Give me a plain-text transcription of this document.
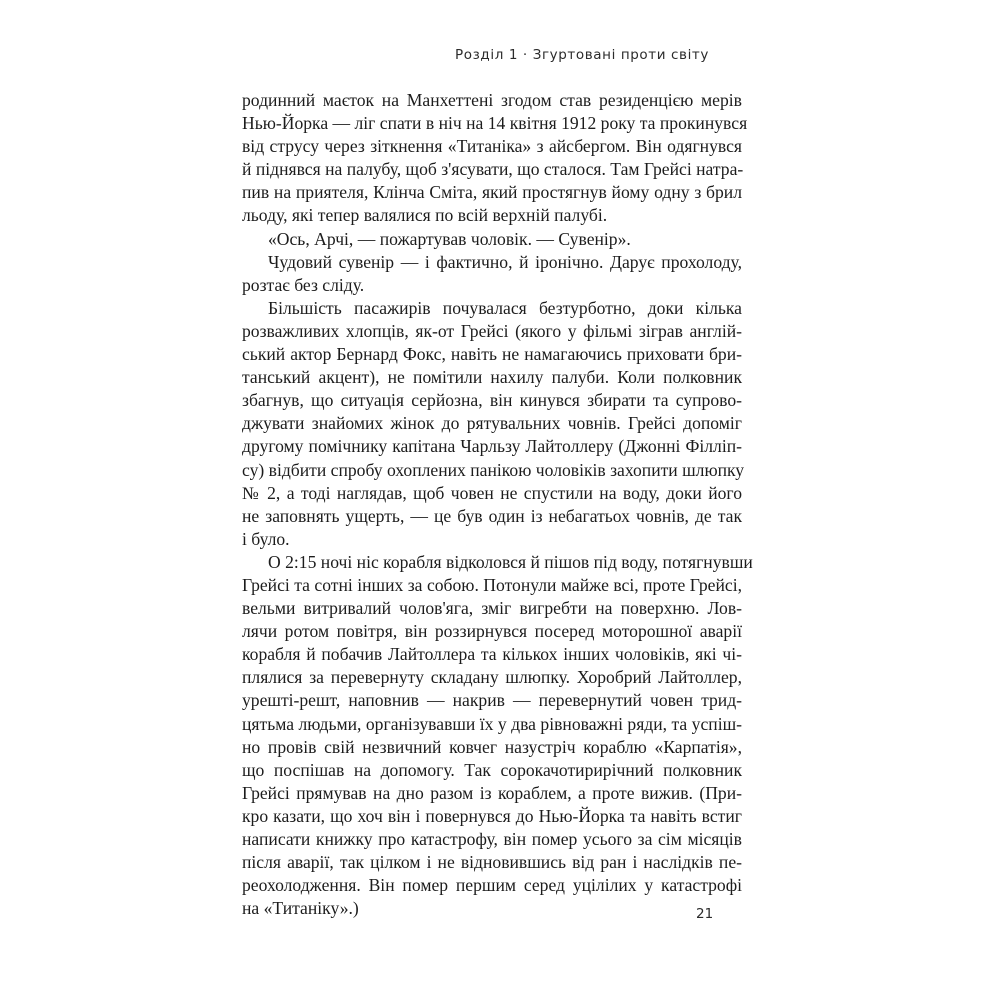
Розділ 1 · Згуртовані проти світу
родинний маєток на Манхеттені згодом став резиденцією мерів
Нью-Йорка — ліг спати в ніч на 14 квітня 1912 року та прокинувся
від струсу через зіткнення «Титаніка» з айсбергом. Він одягнувся
й піднявся на палубу, щоб з'ясувати, що сталося. Там Грейсі натра-
пив на приятеля, Клінча Сміта, який простягнув йому одну з брил
льоду, які тепер валялися по всій верхній палубі.
«Ось, Арчі, — пожартував чоловік. — Сувенір».
Чудовий сувенір — і фактично, й іронічно. Дарує прохолоду,
розтає без сліду.
Більшість пасажирів почувалася безтурботно, доки кілька
розважливих хлопців, як-от Грейсі (якого у фільмі зіграв англій-
ський актор Бернард Фокс, навіть не намагаючись приховати бри-
танський акцент), не помітили нахилу палуби. Коли полковник
збагнув, що ситуація серйозна, він кинувся збирати та супрово-
джувати знайомих жінок до рятувальних човнів. Грейсі допоміг
другому помічнику капітана Чарльзу Лайтоллеру (Джонні Філліп-
су) відбити спробу охоплених панікою чоловіків захопити шлюпку
№ 2, а тоді наглядав, щоб човен не спустили на воду, доки його
не заповнять ущерть, — це був один із небагатьох човнів, де так
і було.
О 2:15 ночі ніс корабля відколовся й пішов під воду, потягнувши
Грейсі та сотні інших за собою. Потонули майже всі, проте Грейсі,
вельми витривалий чолов'яга, зміг вигребти на поверхню. Лов-
лячи ротом повітря, він роззирнувся посеред моторошної аварії
корабля й побачив Лайтоллера та кількох інших чоловіків, які чі-
плялися за перевернуту складану шлюпку. Хоробрий Лайтоллер,
урешті-решт, наповнив — накрив — перевернутий човен трид-
цятьма людьми, організувавши їх у два рівноважні ряди, та успіш-
но провів свій незвичний ковчег назустріч кораблю «Карпатія»,
що поспішав на допомогу. Так сорокачотирирічний полковник
Грейсі прямував на дно разом із кораблем, а проте вижив. (При-
кро казати, що хоч він і повернувся до Нью-Йорка та навіть встиг
написати книжку про катастрофу, він помер усього за сім місяців
після аварії, так цілком і не відновившись від ран і наслідків пе-
реохолодження. Він помер першим серед уцілілих у катастрофі
на «Титаніку».)	21
